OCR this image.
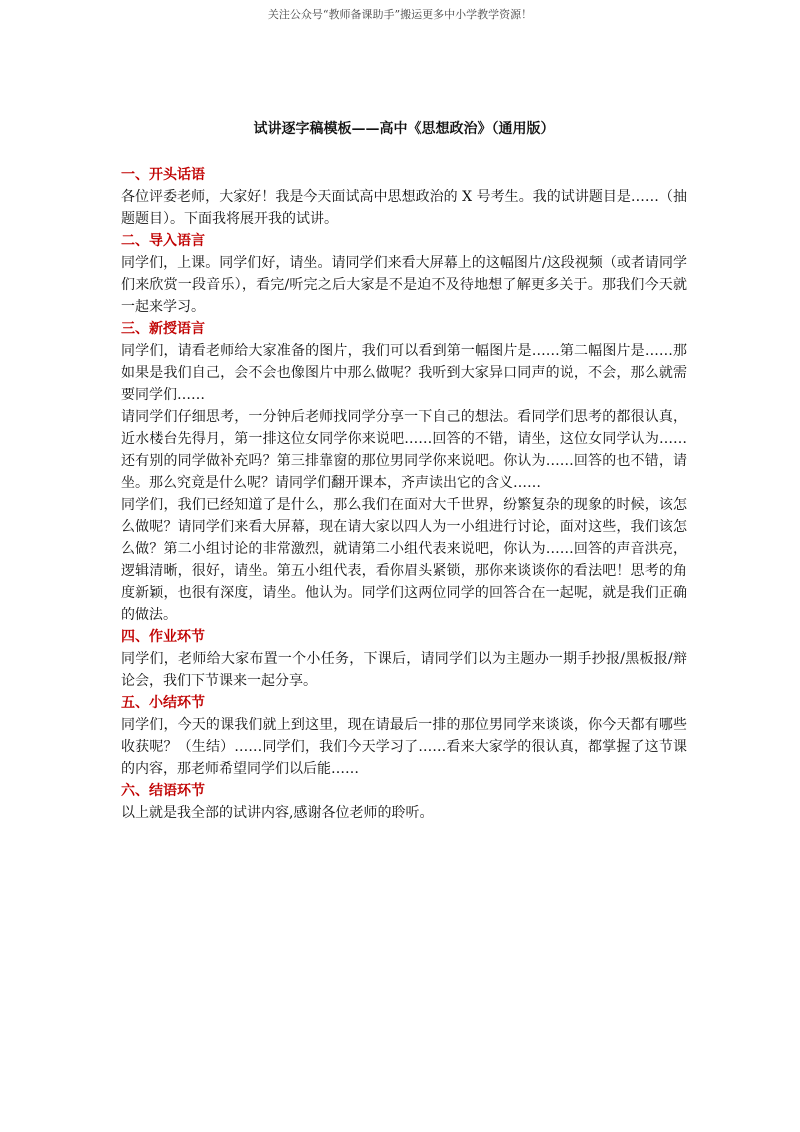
关注公众号“教师备课助手”搬运更多中小学教学资源！
试讲逐字稿模板——高中《思想政治》（通用版）
一、开头话语

各位评委老师，大家好！我是今天面试高中思想政治的 X 号考生。我的试讲题目是……（抽题题目）。下面我将展开我的试讲。

二、导入语言

同学们，上课。同学们好，请坐。请同学们来看大屏幕上的这幅图片/这段视频（或者请同学们来欣赏一段音乐），看完/听完之后大家是不是迫不及待地想了解更多关于。那我们今天就一起来学习。

三、新授语言

同学们，请看老师给大家准备的图片，我们可以看到第一幅图片是……第二幅图片是……那如果是我们自己，会不会也像图片中那么做呢？我听到大家异口同声的说，不会，那么就需要同学们……

请同学们仔细思考，一分钟后老师找同学分享一下自己的想法。看同学们思考的都很认真，近水楼台先得月，第一排这位女同学你来说吧……回答的不错，请坐，这位女同学认为……还有别的同学做补充吗？第三排靠窗的那位男同学你来说吧。你认为……回答的也不错，请坐。那么究竟是什么呢？请同学们翻开课本，齐声读出它的含义……

同学们，我们已经知道了是什么，那么我们在面对大千世界，纷繁复杂的现象的时候，该怎么做呢？请同学们来看大屏幕，现在请大家以四人为一小组进行讨论，面对这些，我们该怎么做？第二小组讨论的非常激烈，就请第二小组代表来说吧，你认为……回答的声音洪亮，逻辑清晰，很好，请坐。第五小组代表，看你眉头紧锁，那你来谈谈你的看法吧！思考的角度新颖，也很有深度，请坐。他认为。同学们这两位同学的回答合在一起呢，就是我们正确的做法。

四、作业环节

同学们，老师给大家布置一个小任务，下课后，请同学们以为主题办一期手抄报/黑板报/辩论会，我们下节课来一起分享。

五、小结环节

同学们，今天的课我们就上到这里，现在请最后一排的那位男同学来谈谈，你今天都有哪些收获呢？（生结）……同学们，我们今天学习了……看来大家学的很认真，都掌握了这节课的内容，那老师希望同学们以后能……

六、结语环节

以上就是我全部的试讲内容,感谢各位老师的聆听。
